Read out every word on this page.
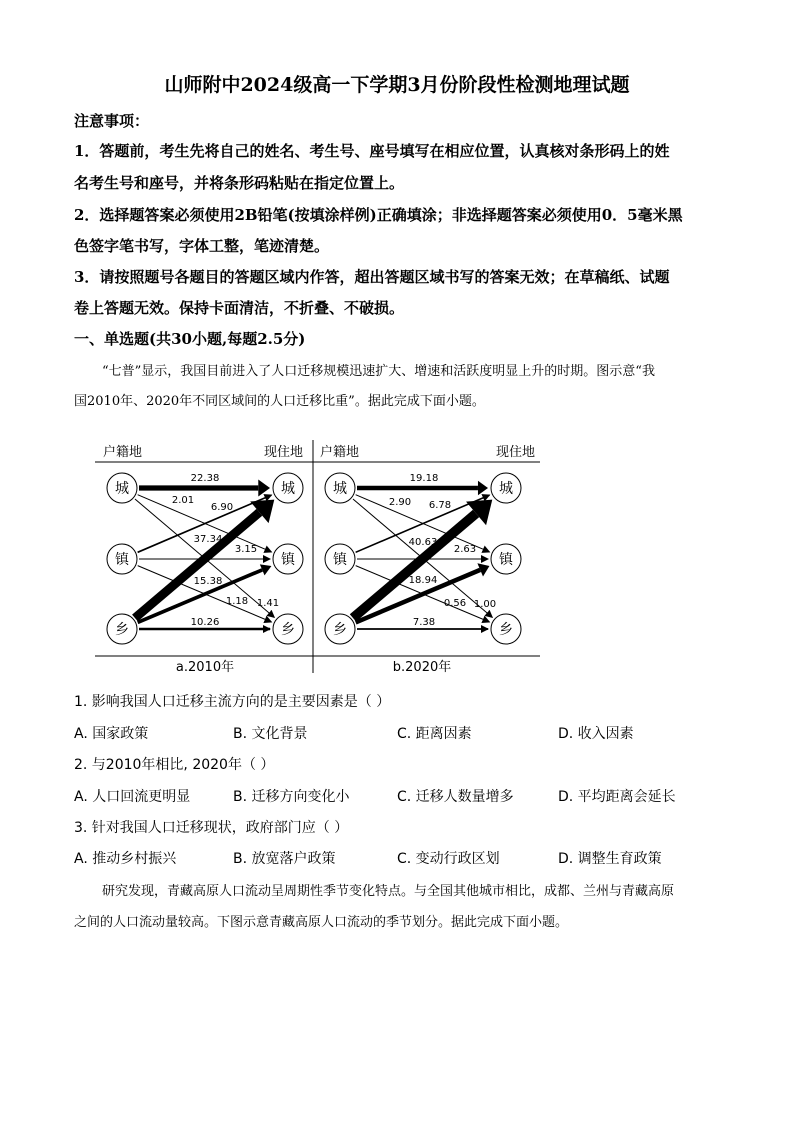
山师附中2024级高一下学期3月份阶段性检测地理试题
注意事项：
1．答题前，考生先将自己的姓名、考生号、座号填写在相应位置，认真核对条形码上的姓
名考生号和座号，并将条形码粘贴在指定位置上。
2．选择题答案必须使用2B铅笔(按填涂样例)正确填涂；非选择题答案必须使用0．5毫米黑
色签字笔书写，字体工整，笔迹清楚。
3．请按照题号各题目的答题区域内作答，超出答题区域书写的答案无效；在草稿纸、试题
卷上答题无效。保持卡面清洁，不折叠、不破损。
一、单选题(共30小题,每题2.5分)
“七普”显示，我国目前进入了人口迁移规模迅速扩大、增速和活跃度明显上升的时期。图示意“我
国2010年、2020年不同区域间的人口迁移比重”。据此完成下面小题。
户籍地	现住地
22.38
2.01
6.90
37.34
3.15
15.38
1.18 1.41
10.26
城	城
镇	镇
乡	乡
a.2010年
户籍地	现住地
19.18
2.90 6.78
40.63
2.63
18.94
0.56 1.00
7.38
城	城
镇	镇
乡	乡
b.2020年
1. 影响我国人口迁移主流方向的是主要因素是（ ）
A. 国家政策	B. 文化背景	C. 距离因素	D. 收入因素
2. 与2010年相比, 2020年（ ）
A. 人口回流更明显	B. 迁移方向变化小	C. 迁移人数量增多	D. 平均距离会延长
3. 针对我国人口迁移现状，政府部门应（ ）
A. 推动乡村振兴	B. 放宽落户政策	C. 变动行政区划	D. 调整生育政策
研究发现，青藏高原人口流动呈周期性季节变化特点。与全国其他城市相比，成都、兰州与青藏高原
之间的人口流动量较高。下图示意青藏高原人口流动的季节划分。据此完成下面小题。
